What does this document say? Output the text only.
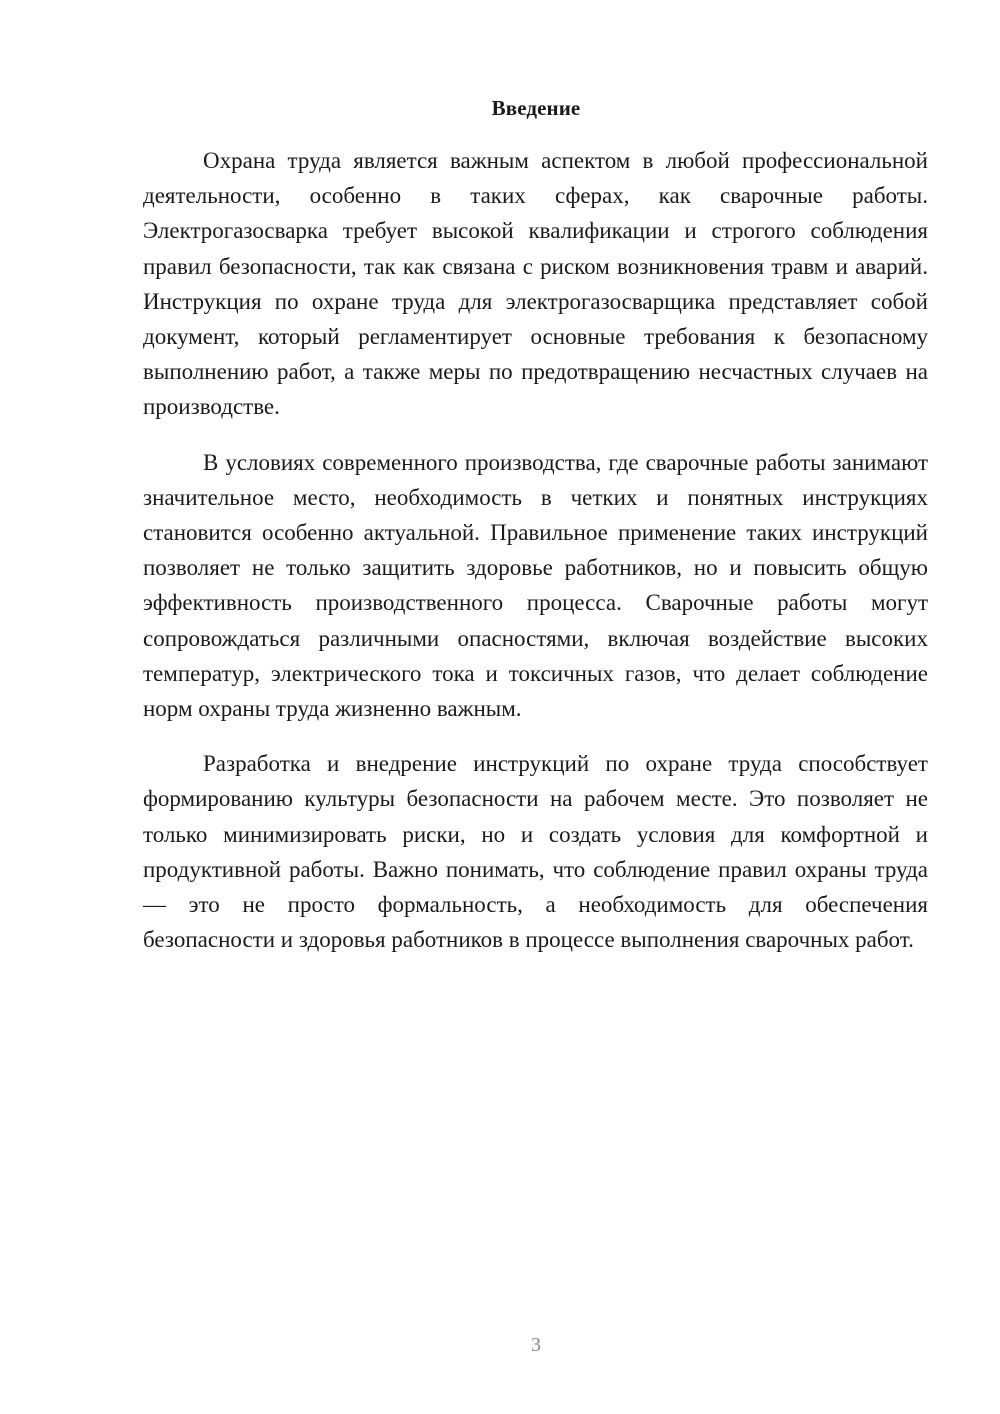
Введение

Охрана труда является важным аспектом в любой профессиональной деятельности, особенно в таких сферах, как сварочные работы. Электрогазосварка требует высокой квалификации и строгого соблюдения правил безопасности, так как связана с риском возникновения травм и аварий. Инструкция по охране труда для электрогазосварщика представляет собой документ, который регламентирует основные требования к безопасному выполнению работ, а также меры по предотвращению несчастных случаев на производстве.

В условиях современного производства, где сварочные работы занимают значительное место, необходимость в четких и понятных инструкциях становится особенно актуальной. Правильное применение таких инструкций позволяет не только защитить здоровье работников, но и повысить общую эффективность производственного процесса. Сварочные работы могут сопровождаться различными опасностями, включая воздействие высоких температур, электрического тока и токсичных газов, что делает соблюдение норм охраны труда жизненно важным.

Разработка и внедрение инструкций по охране труда способствует формированию культуры безопасности на рабочем месте. Это позволяет не только минимизировать риски, но и создать условия для комфортной и продуктивной работы. Важно понимать, что соблюдение правил охраны труда — это не просто формальность, а необходимость для обеспечения безопасности и здоровья работников в процессе выполнения сварочных работ.

3
